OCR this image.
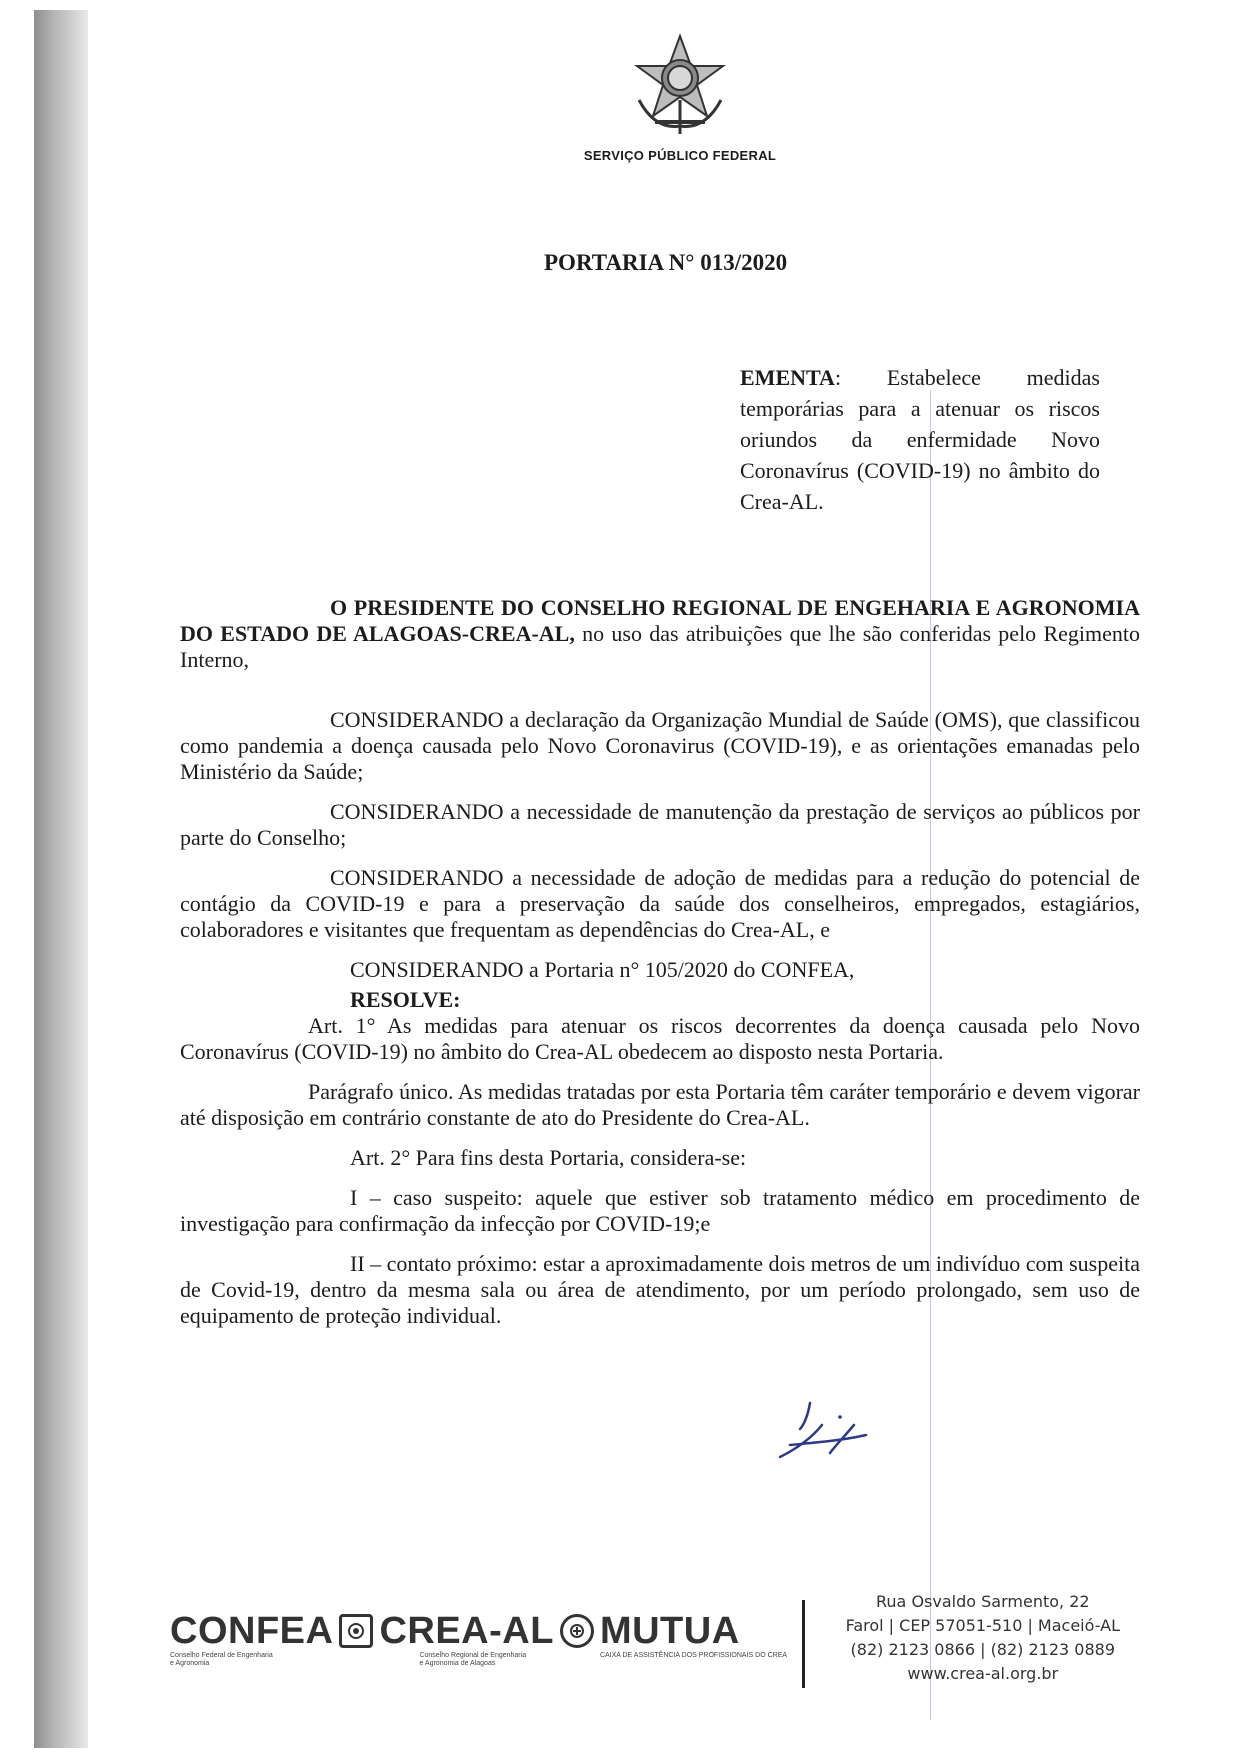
SERVIÇO PÚBLICO FEDERAL
PORTARIA N° 013/2020
EMENTA: Estabelece medidas temporárias para a atenuar os riscos oriundos da enfermidade Novo Coronavírus (COVID-19) no âmbito do Crea-AL.

O PRESIDENTE DO CONSELHO REGIONAL DE ENGEHARIA E AGRONOMIA DO ESTADO DE ALAGOAS-CREA-AL, no uso das atribuições que lhe são conferidas pelo Regimento Interno,

CONSIDERANDO a declaração da Organização Mundial de Saúde (OMS), que classificou como pandemia a doença causada pelo Novo Coronavirus (COVID-19), e as orientações emanadas pelo Ministério da Saúde;

CONSIDERANDO a necessidade de manutenção da prestação de serviços ao públicos por parte do Conselho;

CONSIDERANDO a necessidade de adoção de medidas para a redução do potencial de contágio da COVID-19 e para a preservação da saúde dos conselheiros, empregados, estagiários, colaboradores e visitantes que frequentam as dependências do Crea-AL, e

CONSIDERANDO a Portaria n° 105/2020 do CONFEA,

RESOLVE:

Art. 1° As medidas para atenuar os riscos decorrentes da doença causada pelo Novo Coronavírus (COVID-19) no âmbito do Crea-AL obedecem ao disposto nesta Portaria.

Parágrafo único. As medidas tratadas por esta Portaria têm caráter temporário e devem vigorar até disposição em contrário constante de ato do Presidente do Crea-AL.

Art. 2° Para fins desta Portaria, considera-se:

I – caso suspeito: aquele que estiver sob tratamento médico em procedimento de investigação para confirmação da infecção por COVID-19;e

II – contato próximo: estar a aproximadamente dois metros de um indivíduo com suspeita de Covid-19, dentro da mesma sala ou área de atendimento, por um período prolongado, sem uso de equipamento de proteção individual.

CONFEA
Conselho Federal de Engenharia
e Agronomia
CREA-AL
Conselho Regional de Engenharia
e Agronomia de Alagoas
MUTUA
CAIXA DE ASSISTÊNCIA DOS PROFISSIONAIS DO CREA
Rua Osvaldo Sarmento, 22
Farol | CEP 57051-510 | Maceió-AL
(82) 2123 0866 | (82) 2123 0889
www.crea-al.org.br
